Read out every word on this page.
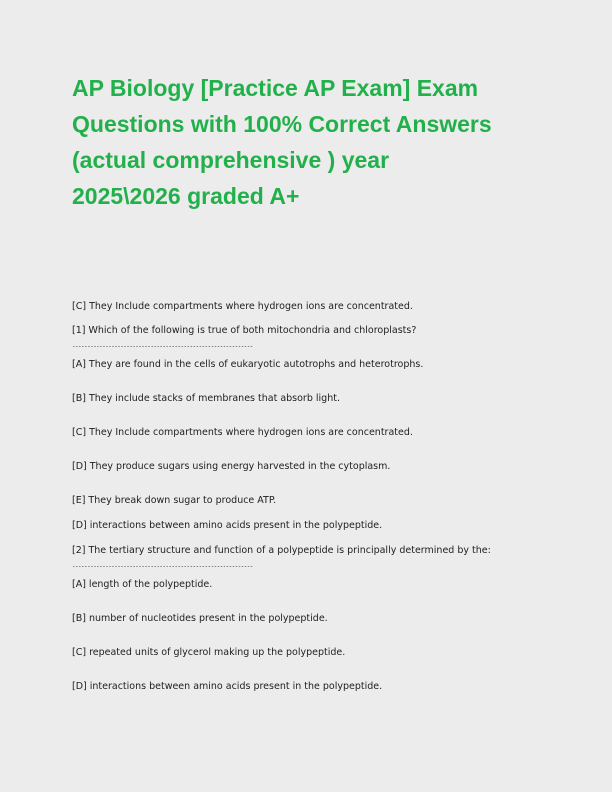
AP Biology [Practice AP Exam] Exam
Questions with 100% Correct Answers
(actual comprehensive ) year
2025\2026 graded A+

[C] They Include compartments where hydrogen ions are concentrated.

[1] Which of the following is true of both mitochondria and chloroplasts?

------------------------------------------------------------

[A] They are found in the cells of eukaryotic autotrophs and heterotrophs.

[B] They include stacks of membranes that absorb light.

[C] They Include compartments where hydrogen ions are concentrated.

[D] They produce sugars using energy harvested in the cytoplasm.

[E] They break down sugar to produce ATP.

[D] interactions between amino acids present in the polypeptide.

[2] The tertiary structure and function of a polypeptide is principally determined by the:

------------------------------------------------------------

[A] length of the polypeptide.

[B] number of nucleotides present in the polypeptide.

[C] repeated units of glycerol making up the polypeptide.

[D] interactions between amino acids present in the polypeptide.
